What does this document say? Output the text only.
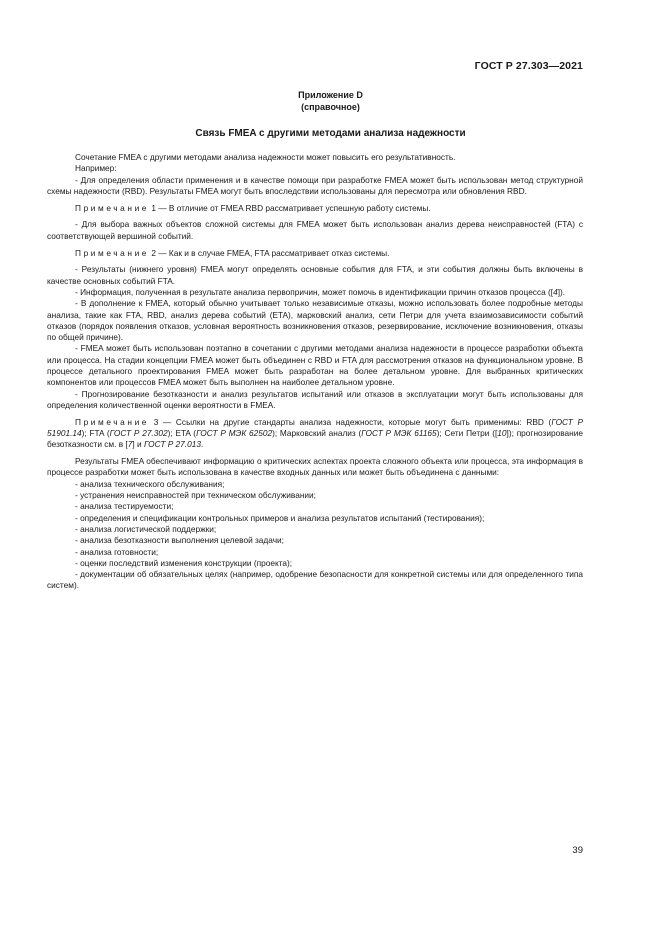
ГОСТ Р 27.303—2021
Приложение D
(справочное)
Связь FMEA с другими методами анализа надежности

Сочетание FMEA с другими методами анализа надежности может повысить его результативность.

Например:

- Для определения области применения и в качестве помощи при разработке FMEA может быть использован метод структурной схемы надежности (RBD). Результаты FMEA могут быть впоследствии использованы для пересмотра или обновления RBD.

Примечание 1 — В отличие от FMEA RBD рассматривает успешную работу системы.

- Для выбора важных объектов сложной системы для FMEA может быть использован анализ дерева неисправностей (FTA) с соответствующей вершиной событий.

Примечание 2 — Как и в случае FMEA, FTA рассматривает отказ системы.

- Результаты (нижнего уровня) FMEA могут определять основные события для FTA, и эти события должны быть включены в качестве основных событий FTA.

- Информация, полученная в результате анализа первопричин, может помочь в идентификации причин отказов процесса ([4]).

- В дополнение к FMEA, который обычно учитывает только независимые отказы, можно использовать более подробные методы анализа, такие как FTA, RBD, анализ дерева событий (ETA), марковский анализ, сети Петри для учета взаимозависимости событий отказов (порядок появления отказов, условная вероятность возникновения отказов, резервирование, исключение возникновения, отказы по общей причине).

- FMEA может быть использован поэтапно в сочетании с другими методами анализа надежности в процессе разработки объекта или процесса. На стадии концепции FMEA может быть объединен с RBD и FTA для рассмотрения отказов на функциональном уровне. В процессе детального проектирования FMEA может быть разработан на более детальном уровне. Для выбранных критических компонентов или процессов FMEA может быть выполнен на наиболее детальном уровне.

- Прогнозирование безотказности и анализ результатов испытаний или отказов в эксплуатации могут быть использованы для определения количественной оценки вероятности в FMEA.

Примечание 3 — Ссылки на другие стандарты анализа надежности, которые могут быть применимы: RBD (ГОСТ Р 51901.14); FTA (ГОСТ Р 27.302); ETA (ГОСТ Р МЭК 62502); Марковский анализ (ГОСТ Р МЭК 61165); Сети Петри ([10]); прогнозирование безотказности см. в [7] и ГОСТ Р 27.013.

Результаты FMEA обеспечивают информацию о критических аспектах проекта сложного объекта или процесса, эта информация в процессе разработки может быть использована в качестве входных данных или может быть объединена с данными:

- анализа технического обслуживания;

- устранения неисправностей при техническом обслуживании;

- анализа тестируемости;

- определения и спецификации контрольных примеров и анализа результатов испытаний (тестирования);

- анализа логистической поддержки;

- анализа безотказности выполнения целевой задачи;

- анализа готовности;

- оценки последствий изменения конструкции (проекта);

- документации об обязательных целях (например, одобрение безопасности для конкретной системы или для определенного типа систем).

39
